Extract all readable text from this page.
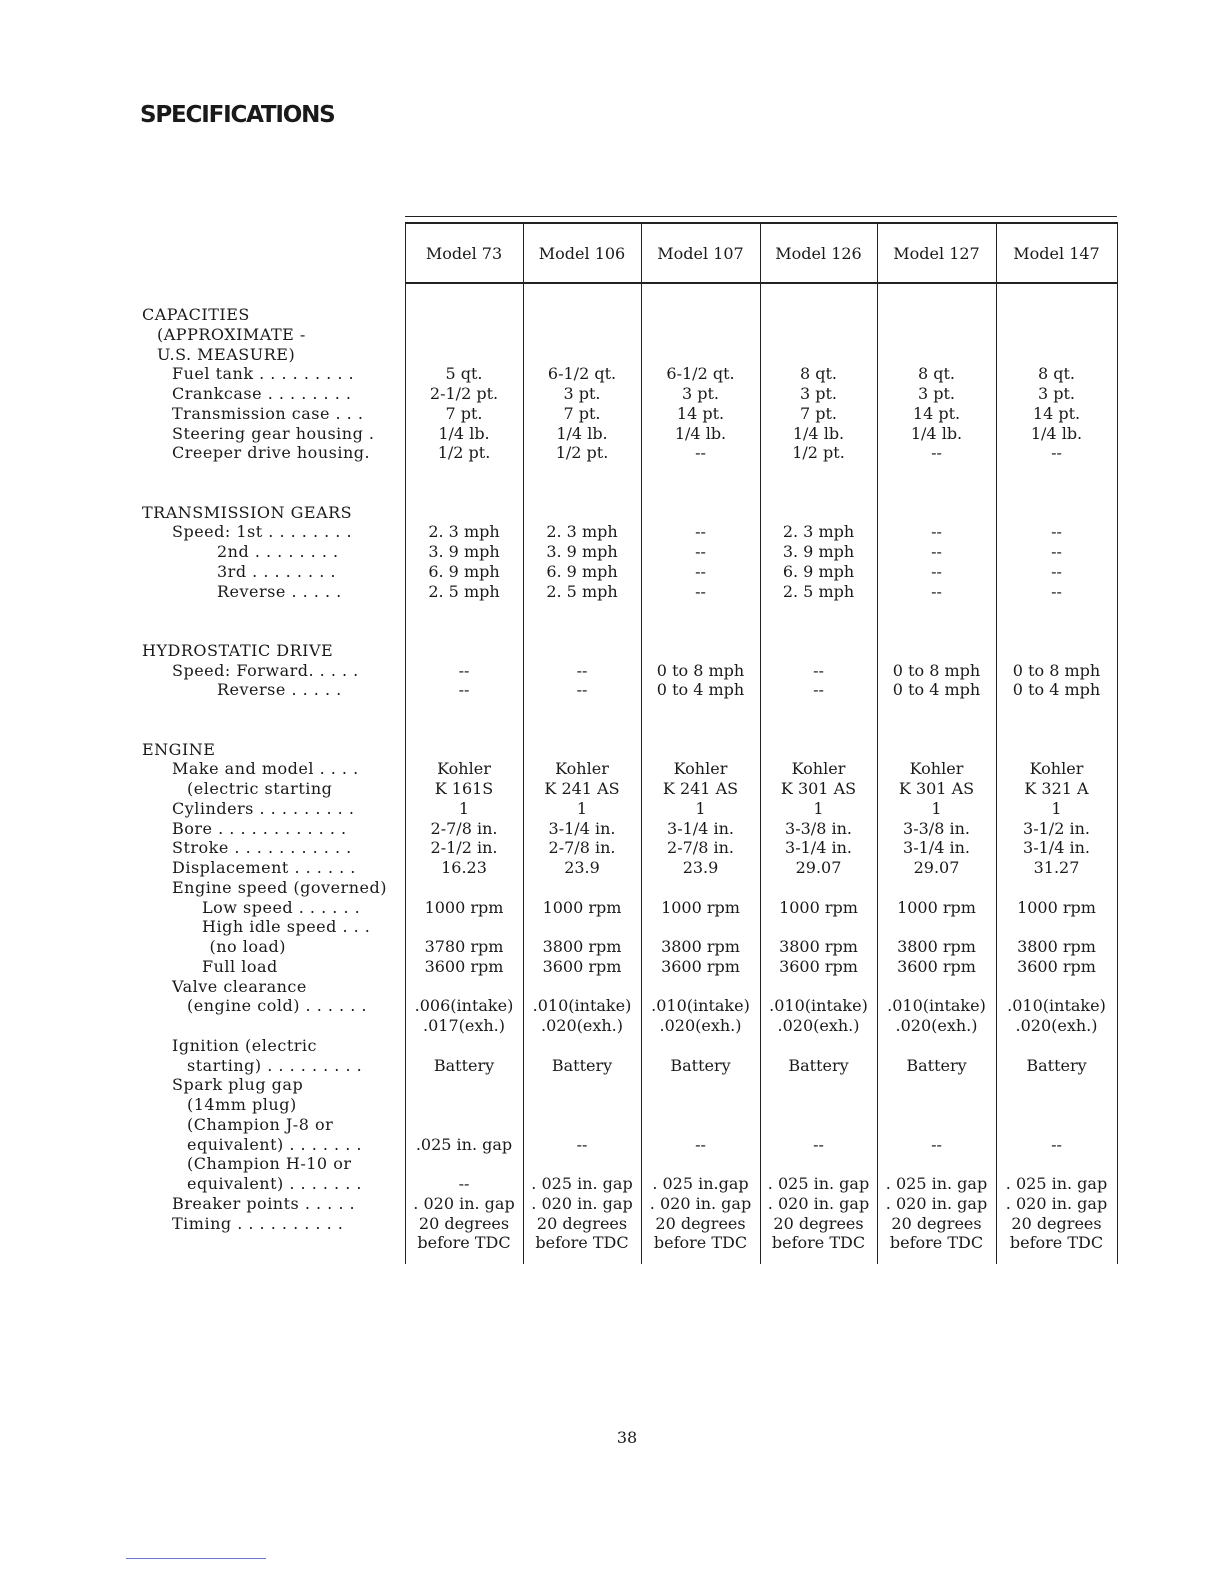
SPECIFICATIONS
Model 73	Model 106	Model 107	Model 126	Model 127	Model 147
CAPACITIES
(APPROXIMATE -
U.S. MEASURE)
Fuel tank . . . . . . . . .	5 qt.	6-1/2 qt.	6-1/2 qt.	8 qt.	8 qt.	8 qt.
Crankcase . . . . . . . .	2-1/2 pt.	3 pt.	3 pt.	3 pt.	3 pt.	3 pt.
Transmission case . . .	7 pt.	7 pt.	14 pt.	7 pt.	14 pt.	14 pt.
Steering gear housing .	1/4 lb.	1/4 lb.	1/4 lb.	1/4 lb.	1/4 lb.	1/4 lb.
Creeper drive housing.	1/2 pt.	1/2 pt.	--	1/2 pt.	--	--
TRANSMISSION GEARS
Speed: 1st . . . . . . . .	2. 3 mph	2. 3 mph	--	2. 3 mph	--	--
2nd . . . . . . . .	3. 9 mph	3. 9 mph	--	3. 9 mph	--	--
3rd . . . . . . . .	6. 9 mph	6. 9 mph	--	6. 9 mph	--	--
Reverse . . . . .	2. 5 mph	2. 5 mph	--	2. 5 mph	--	--
HYDROSTATIC DRIVE
Speed: Forward. . . . .	--	--	0 to 8 mph	--	0 to 8 mph	0 to 8 mph
Reverse . . . . .	--	--	0 to 4 mph	--	0 to 4 mph	0 to 4 mph
ENGINE
Make and model . . . .	Kohler	Kohler	Kohler	Kohler	Kohler	Kohler
(electric starting	K 161S	K 241 AS	K 241 AS	K 301 AS	K 301 AS	K 321 A
Cylinders . . . . . . . . .	1	1	1	1	1	1
Bore . . . . . . . . . . . .	2-7/8 in.	3-1/4 in.	3-1/4 in.	3-3/8 in.	3-3/8 in.	3-1/2 in.
Stroke . . . . . . . . . . .	2-1/2 in.	2-7/8 in.	2-7/8 in.	3-1/4 in.	3-1/4 in.	3-1/4 in.
Displacement . . . . . .	16.23	23.9	23.9	29.07	29.07	31.27
Engine speed (governed)
Low speed . . . . . .	1000 rpm	1000 rpm	1000 rpm	1000 rpm	1000 rpm	1000 rpm
High idle speed . . .
(no load)	3780 rpm	3800 rpm	3800 rpm	3800 rpm	3800 rpm	3800 rpm
Full load	3600 rpm	3600 rpm	3600 rpm	3600 rpm	3600 rpm	3600 rpm
Valve clearance
(engine cold) . . . . . .	.006(intake)	.010(intake)	.010(intake)	.010(intake)	.010(intake)	.010(intake)
.017(exh.)	.020(exh.)	.020(exh.)	.020(exh.)	.020(exh.)	.020(exh.)
Ignition (electric
starting) . . . . . . . . .	Battery	Battery	Battery	Battery	Battery	Battery
Spark plug gap
(14mm plug)
(Champion J-8 or
equivalent) . . . . . . .	.025 in. gap	--	--	--	--	--
(Champion H-10 or
equivalent) . . . . . . .	--	. 025 in. gap	. 025 in.gap	. 025 in. gap	. 025 in. gap	. 025 in. gap
Breaker points . . . . .	. 020 in. gap	. 020 in. gap	. 020 in. gap	. 020 in. gap	. 020 in. gap	. 020 in. gap
Timing . . . . . . . . . .	20 degrees	20 degrees	20 degrees	20 degrees	20 degrees	20 degrees
before TDC	before TDC	before TDC	before TDC	before TDC	before TDC
38
